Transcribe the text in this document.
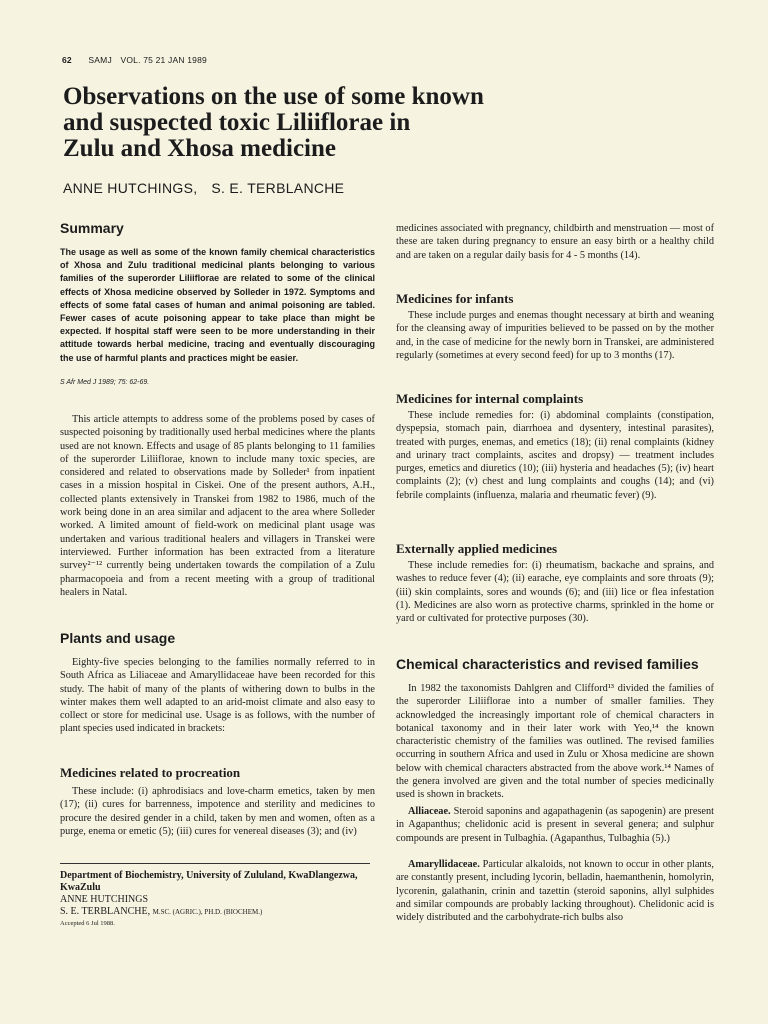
62 SAMJ VOL. 75 21 JAN 1989
Observations on the use of some known
and suspected toxic Liliiflorae in
Zulu and Xhosa medicine
ANNE HUTCHINGS, S. E. TERBLANCHE
Summary

The usage as well as some of the known family chemical characteristics of Xhosa and Zulu traditional medicinal plants belonging to various families of the superorder Liliiflorae are related to some of the clinical effects of Xhosa medicine observed by Solleder in 1972. Symptoms and effects of some fatal cases of human and animal poisoning are tabled. Fewer cases of acute poisoning appear to take place than might be expected. If hospital staff were seen to be more understanding in their attitude towards herbal medicine, tracing and eventually discouraging the use of harmful plants and practices might be easier.

S Afr Med J 1989; 75: 62-69.

This article attempts to address some of the problems posed by cases of suspected poisoning by traditionally used herbal medicines where the plants used are not known. Effects and usage of 85 plants belonging to 11 families of the superorder Liliiflorae, known to include many toxic species, are considered and related to observations made by Solleder¹ from inpatient cases in a mission hospital in Ciskei. One of the present authors, A.H., collected plants extensively in Transkei from 1982 to 1986, much of the work being done in an area similar and adjacent to the area where Solleder worked. A limited amount of field-work on medicinal plant usage was undertaken and various traditional healers and villagers in Transkei were interviewed. Further information has been extracted from a literature survey²⁻¹² currently being undertaken towards the compilation of a Zulu pharmacopoeia and from a recent meeting with a group of traditional healers in Natal.

Plants and usage

Eighty-five species belonging to the families normally referred to in South Africa as Liliaceae and Amaryllidaceae have been recorded for this study. The habit of many of the plants of withering down to bulbs in the winter makes them well adapted to an arid-moist climate and also easy to collect or store for medicinal use. Usage is as follows, with the number of plant species used indicated in brackets:

Medicines related to procreation

These include: (i) aphrodisiacs and love-charm emetics, taken by men (17); (ii) cures for barrenness, impotence and sterility and medicines to procure the desired gender in a child, taken by men and women, often as a purge, enema or emetic (5); (iii) cures for venereal diseases (3); and (iv)

Department of Biochemistry, University of Zululand, KwaDlangezwa, KwaZulu
ANNE HUTCHINGS
S. E. TERBLANCHE, M.SC. (AGRIC.), PH.D. (BIOCHEM.)
Accepted 6 Jul 1988.

medicines associated with pregnancy, childbirth and menstruation — most of these are taken during pregnancy to ensure an easy birth or a healthy child and are taken on a regular daily basis for 4 - 5 months (14).

Medicines for infants

These include purges and enemas thought necessary at birth and weaning for the cleansing away of impurities believed to be passed on by the mother and, in the case of medicine for the newly born in Transkei, are administered regularly (sometimes at every second feed) for up to 3 months (17).

Medicines for internal complaints

These include remedies for: (i) abdominal complaints (constipation, dyspepsia, stomach pain, diarrhoea and dysentery, intestinal parasites), treated with purges, enemas, and emetics (18); (ii) renal complaints (kidney and urinary tract complaints, ascites and dropsy) — treatment includes purges, emetics and diuretics (10); (iii) hysteria and headaches (5); (iv) heart complaints (2); (v) chest and lung complaints and coughs (14); and (vi) febrile complaints (influenza, malaria and rheumatic fever) (9).

Externally applied medicines

These include remedies for: (i) rheumatism, backache and sprains, and washes to reduce fever (4); (ii) earache, eye complaints and sore throats (9); (iii) skin complaints, sores and wounds (6); and (iii) lice or flea infestation (1). Medicines are also worn as protective charms, sprinkled in the home or yard or cultivated for protective purposes (30).

Chemical characteristics and revised families

In 1982 the taxonomists Dahlgren and Clifford¹³ divided the families of the superorder Liliiflorae into a number of smaller families. They acknowledged the increasingly important role of chemical characters in botanical taxonomy and in their later work with Yeo,¹⁴ the known characteristic chemistry of the families was outlined. The revised families occurring in southern Africa and used in Zulu or Xhosa medicine are shown below with chemical characters abstracted from the above work.¹⁴ Names of the genera involved are given and the total number of species medicinally used is shown in brackets.

Alliaceae. Steroid saponins and agapathagenin (as sapogenin) are present in Agapanthus; chelidonic acid is present in several genera; and sulphur compounds are present in Tulbaghia. (Agapanthus, Tulbaghia (5).)

Amaryllidaceae. Particular alkaloids, not known to occur in other plants, are constantly present, including lycorin, belladin, haemanthenin, homolyrin, lycorenin, galathanin, crinin and tazettin (steroid saponins, allyl sulphides and similar compounds are probably lacking throughout). Chelidonic acid is widely distributed and the carbohydrate-rich bulbs also
